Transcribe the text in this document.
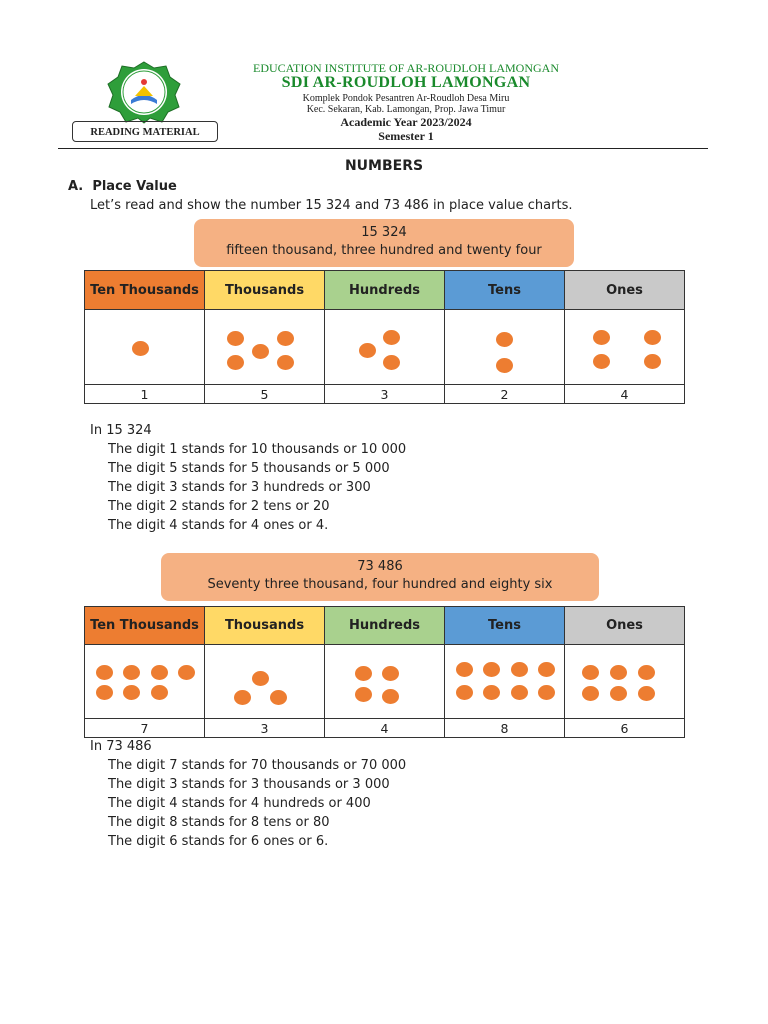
EDUCATION INSTITUTE OF AR-ROUDLOH LAMONGAN
SDI AR-ROUDLOH LAMONGAN
Komplek Pondok Pesantren Ar-Roudloh Desa Miru
Kec. Sekaran, Kab. Lamongan, Prop. Jawa Timur
Academic Year 2023/2024
Semester 1
READING MATERIAL
NUMBERS
A. Place Value
Let’s read and show the number 15 324 and 73 486 in place value charts.
15 324
fifteen thousand, three hundred and twenty four
Ten Thousands	Thousands	Hundreds	Tens	Ones

1	5	3	2	4
In 15 324
The digit 1 stands for 10 thousands or 10 000
The digit 5 stands for 5 thousands or 5 000
The digit 3 stands for 3 hundreds or 300
The digit 2 stands for 2 tens or 20
The digit 4 stands for 4 ones or 4.
73 486
Seventy three thousand, four hundred and eighty six
Ten Thousands	Thousands	Hundreds	Tens	Ones

7	3	4	8	6
In 73 486
The digit 7 stands for 70 thousands or 70 000
The digit 3 stands for 3 thousands or 3 000
The digit 4 stands for 4 hundreds or 400
The digit 8 stands for 8 tens or 80
The digit 6 stands for 6 ones or 6.
